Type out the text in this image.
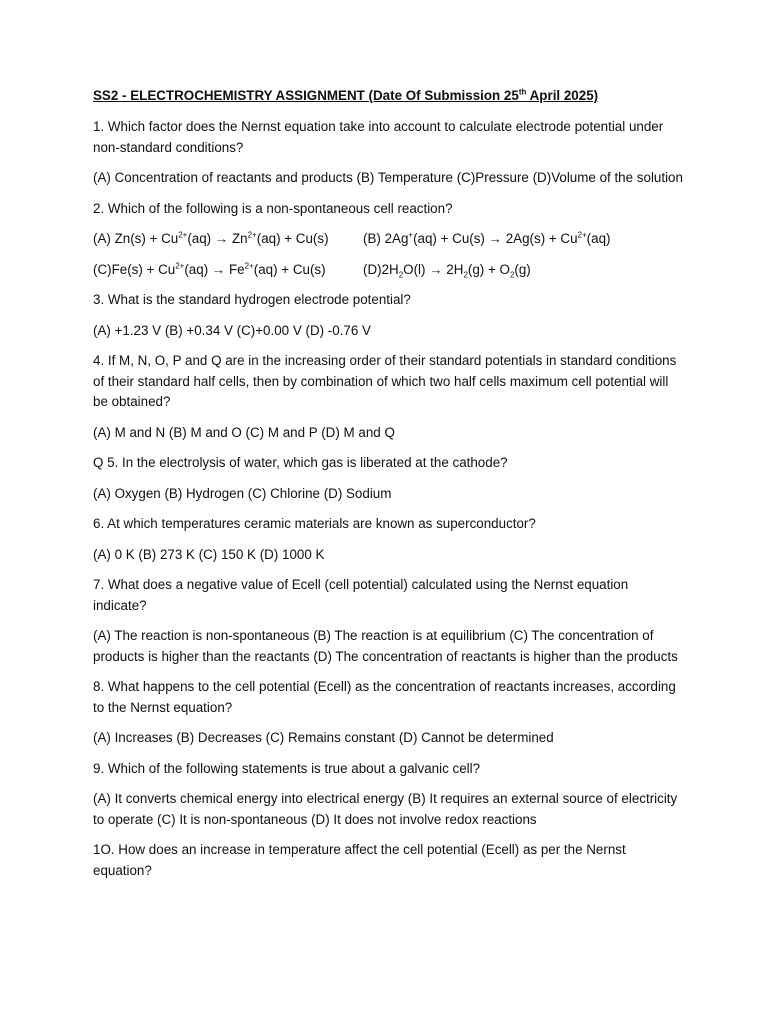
SS2 - ELECTROCHEMISTRY ASSIGNMENT (Date Of Submission 25th April 2025)

1. Which factor does the Nernst equation take into account to calculate electrode potential under non-standard conditions?

(A) Concentration of reactants and products (B) Temperature (C)Pressure (D)Volume of the solution

2. Which of the following is a non-spontaneous cell reaction?

(A) $Zn(s) + Cu^{2+}(aq) \to Zn^{2+}(aq) + Cu(s)$	(B) $2Ag^+(aq) + Cu(s) \to 2Ag(s) + Cu^{2+}(aq)$
$(C)Fe(s) + Cu^{2+}(aq) \to Fe^{2+}(aq) + Cu(s)$	$(D)2H_2O(l) \to 2H_2(g) + O_2(g)$

3. What is the standard hydrogen electrode potential?

(A) +1.23 V (B) +0.34 V (C)+0.00 V (D) -0.76 V

4. If M, N, O, P and Q are in the increasing order of their standard potentials in standard conditions of their standard half cells, then by combination of which two half cells maximum cell potential will be obtained?

(A) M and N (B) M and O (C) M and P (D) M and Q

Q 5. In the electrolysis of water, which gas is liberated at the cathode?

(A) Oxygen (B) Hydrogen (C) Chlorine (D) Sodium

6. At which temperatures ceramic materials are known as superconductor?

(A) 0 K (B) 273 K (C) 150 K (D) 1000 K

7. What does a negative value of Ecell (cell potential) calculated using the Nernst equation indicate?

(A) The reaction is non-spontaneous (B) The reaction is at equilibrium (C) The concentration of products is higher than the reactants (D) The concentration of reactants is higher than the products

8. What happens to the cell potential (Ecell) as the concentration of reactants increases, according to the Nernst equation?

(A) Increases (B) Decreases (C) Remains constant (D) Cannot be determined

9. Which of the following statements is true about a galvanic cell?

(A) It converts chemical energy into electrical energy (B) It requires an external source of electricity to operate (C) It is non-spontaneous (D) It does not involve redox reactions

1O. How does an increase in temperature affect the cell potential (Ecell) as per the Nernst equation?
